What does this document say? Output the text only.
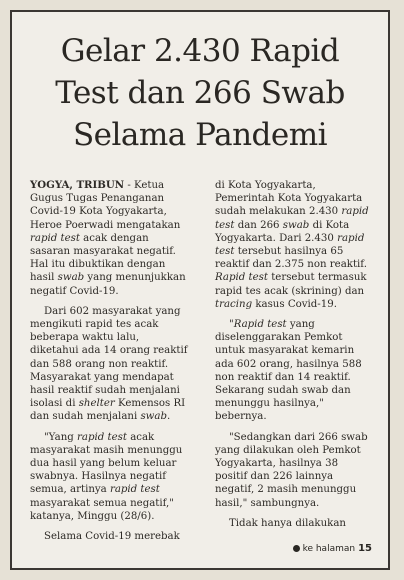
Gelar 2.430 Rapid
Test dan 266 Swab
Selama Pandemi

YOGYA, TRIBUN - Ketua Gugus Tugas Penanganan Covid-19 Kota Yogyakarta, Heroe Poerwadi mengatakan rapid test acak dengan sasaran masyarakat negatif. Hal itu dibuktikan dengan hasil swab yang menunjukkan negatif Covid-19.

Dari 602 masyarakat yang mengikuti rapid tes acak beberapa waktu lalu, diketahui ada 14 orang reaktif dan 588 orang non reaktif. Masyarakat yang mendapat hasil reaktif sudah menjalani isolasi di shelter Kemensos RI dan sudah menjalani swab.

"Yang rapid test acak masyarakat masih menunggu dua hasil yang belum keluar swabnya. Hasilnya negatif semua, artinya rapid test masyarakat semua negatif," katanya, Minggu (28/6).

Selama Covid-19 merebak

di Kota Yogyakarta, Pemerintah Kota Yogyakarta sudah melakukan 2.430 rapid test dan 266 swab di Kota Yogyakarta. Dari 2.430 rapid test tersebut hasilnya 65 reaktif dan 2.375 non reaktif. Rapid test tersebut termasuk rapid tes acak (skrining) dan tracing kasus Covid-19.

"Rapid test yang diselenggarakan Pemkot untuk masyarakat kemarin ada 602 orang, hasilnya 588 non reaktif dan 14 reaktif. Sekarang sudah swab dan menunggu hasilnya," bebernya.

"Sedangkan dari 266 swab yang dilakukan oleh Pemkot Yogyakarta, hasilnya 38 positif dan 226 lainnya negatif, 2 masih menunggu hasil," sambungnya.

Tidak hanya dilakukan

ke halaman 15
